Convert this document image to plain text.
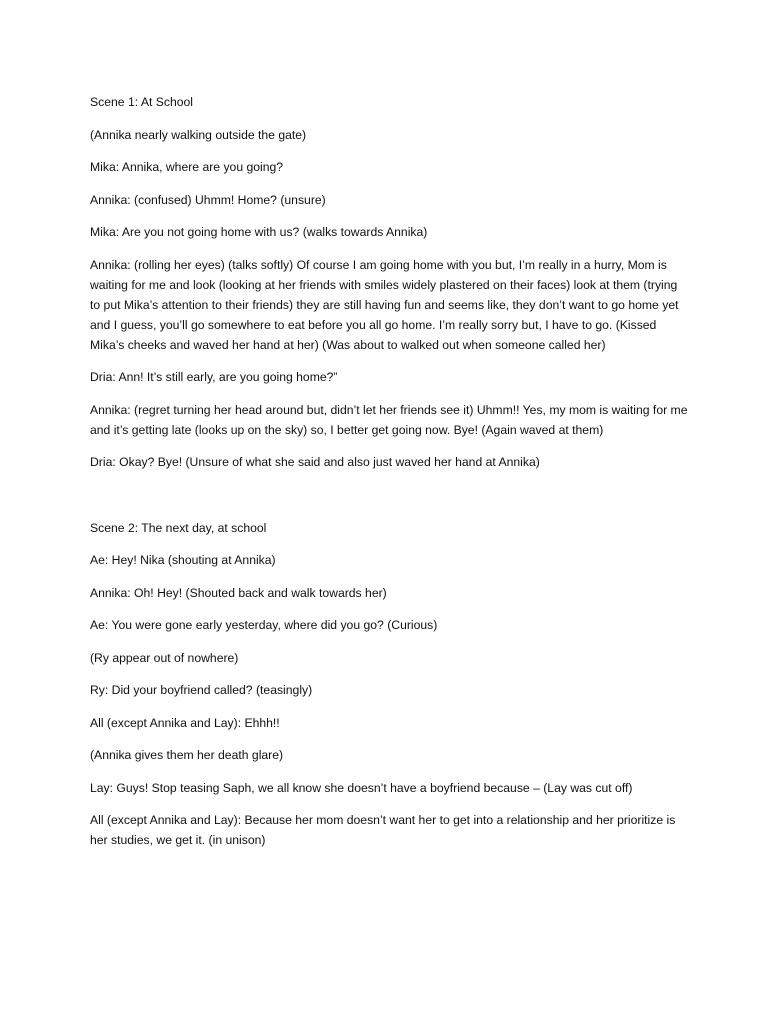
Scene 1: At School

(Annika nearly walking outside the gate)

Mika: Annika, where are you going?

Annika: (confused) Uhmm! Home? (unsure)

Mika: Are you not going home with us? (walks towards Annika)

Annika: (rolling her eyes) (talks softly) Of course I am going home with you but, I’m really in a hurry, Mom is waiting for me and look (looking at her friends with smiles widely plastered on their faces) look at them (trying to put Mika’s attention to their friends) they are still having fun and seems like, they don’t want to go home yet and I guess, you’ll go somewhere to eat before you all go home. I’m really sorry but, I have to go. (Kissed Mika’s cheeks and waved her hand at her) (Was about to walked out when someone called her)

Dria: Ann! It’s still early, are you going home?”

Annika: (regret turning her head around but, didn’t let her friends see it) Uhmm!! Yes, my mom is waiting for me and it’s getting late (looks up on the sky) so, I better get going now. Bye! (Again waved at them)

Dria: Okay? Bye! (Unsure of what she said and also just waved her hand at Annika)

Scene 2: The next day, at school

Ae: Hey! Nika (shouting at Annika)

Annika: Oh! Hey! (Shouted back and walk towards her)

Ae: You were gone early yesterday, where did you go? (Curious)

(Ry appear out of nowhere)

Ry: Did your boyfriend called? (teasingly)

All (except Annika and Lay): Ehhh!!

(Annika gives them her death glare)

Lay: Guys! Stop teasing Saph, we all know she doesn’t have a boyfriend because – (Lay was cut off)

All (except Annika and Lay): Because her mom doesn’t want her to get into a relationship and her prioritize is her studies, we get it. (in unison)
